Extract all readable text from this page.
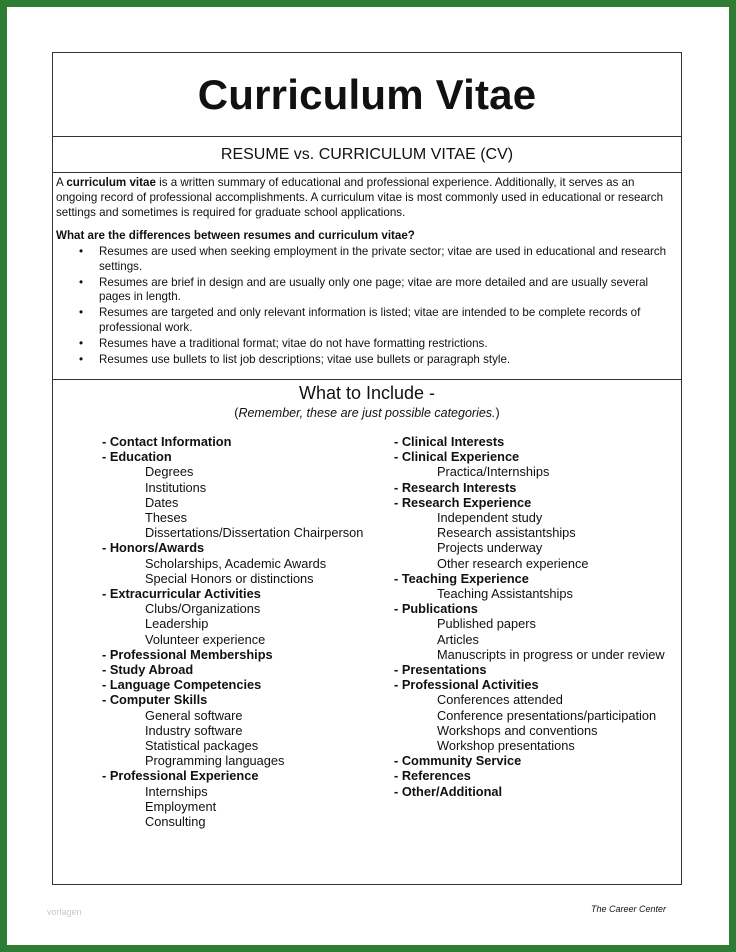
Curriculum Vitae
RESUME vs. CURRICULUM VITAE (CV)

A curriculum vitae is a written summary of educational and professional experience. Additionally, it serves as an ongoing record of professional accomplishments. A curriculum vitae is most commonly used in educational or research settings and sometimes is required for graduate school applications.

What are the differences between resumes and curriculum vitae?
• Resumes are used when seeking employment in the private sector; vitae are used in educational and research settings.
• Resumes are brief in design and are usually only one page; vitae are more detailed and are usually several pages in length.
• Resumes are targeted and only relevant information is listed; vitae are intended to be complete records of professional work.
• Resumes have a traditional format; vitae do not have formatting restrictions.
• Resumes use bullets to list job descriptions; vitae use bullets or paragraph style.
What to Include -
(Remember, these are just possible categories.)
- Contact Information
- Education
Degrees
Institutions
Dates
Theses
Dissertations/Dissertation Chairperson
- Honors/Awards
Scholarships, Academic Awards
Special Honors or distinctions
- Extracurricular Activities
Clubs/Organizations
Leadership
Volunteer experience
- Professional Memberships
- Study Abroad
- Language Competencies
- Computer Skills
General software
Industry software
Statistical packages
Programming languages
- Professional Experience
Internships
Employment
Consulting
- Clinical Interests
- Clinical Experience
Practica/Internships
- Research Interests
- Research Experience
Independent study
Research assistantships
Projects underway
Other research experience
- Teaching Experience
Teaching Assistantships
- Publications
Published papers
Articles
Manuscripts in progress or under review
- Presentations
- Professional Activities
Conferences attended
Conference presentations/participation
Workshops and conventions
Workshop presentations
- Community Service
- References
- Other/Additional
vorlagen	The Career Center
